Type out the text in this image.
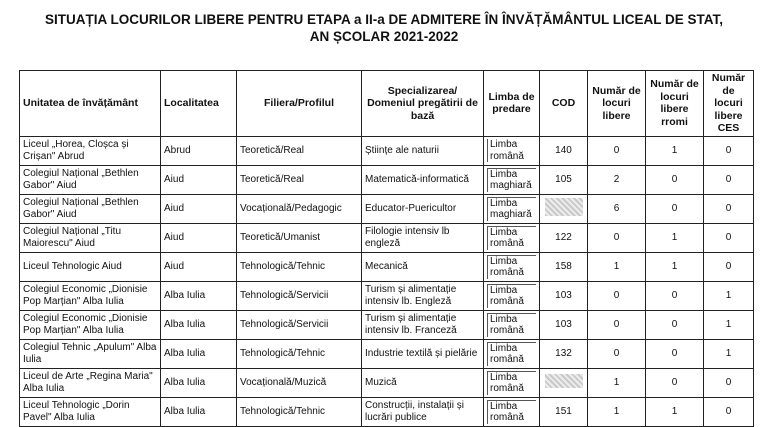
SITUAȚIA LOCURILOR LIBERE PENTRU ETAPA a II-a DE ADMITERE ÎN ÎNVĂȚĂMÂNTUL LICEAL DE STAT,
AN ȘCOLAR 2021-2022
Unitatea de învățământ	Localitatea	Filiera/Profilul	Specializarea/ Domeniul pregătirii de bază	Limba de predare	COD	Număr de locuri libere	Număr de locuri libere rromi	Număr de locuri libere CES
Liceul „Horea, Cloșca și Crișan" Abrud	Abrud	Teoretică/Real	Științe ale naturii	Limba română	140	0	1	0
Colegiul Național „Bethlen Gabor" Aiud	Aiud	Teoretică/Real	Matematică-informatică	Limba maghiară	105	2	0	0
Colegiul Național „Bethlen Gabor" Aiud	Aiud	Vocațională/Pedagogic	Educator-Puericultor	Limba maghiară		6	0	0
Colegiul Național „Titu Maiorescu" Aiud	Aiud	Teoretică/Umanist	Filologie intensiv lb engleză	Limba română	122	0	1	0
Liceul Tehnologic Aiud	Aiud	Tehnologică/Tehnic	Mecanică	Limba română	158	1	1	0
Colegiul Economic „Dionisie Pop Marțian" Alba Iulia	Alba Iulia	Tehnologică/Servicii	Turism și alimentație intensiv lb. Engleză	Limba română	103	0	0	1
Colegiul Economic „Dionisie Pop Marțian" Alba Iulia	Alba Iulia	Tehnologică/Servicii	Turism și alimentație intensiv lb. Franceză	Limba română	103	0	0	1
Colegiul Tehnic „Apulum" Alba Iulia	Alba Iulia	Tehnologică/Tehnic	Industrie textilă și pielărie	Limba română	132	0	0	1
Liceul de Arte „Regina Maria" Alba Iulia	Alba Iulia	Vocațională/Muzică	Muzică	Limba română		1	0	0
Liceul Tehnologic „Dorin Pavel" Alba Iulia	Alba Iulia	Tehnologică/Tehnic	Construcții, instalații și lucrări publice	Limba română	151	1	1	0
